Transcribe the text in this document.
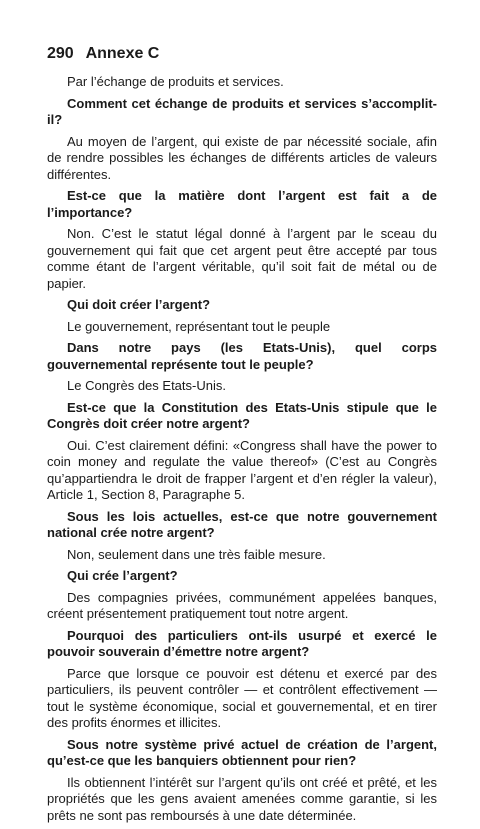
290 Annexe C

Par l’échange de produits et services.

Comment cet échange de produits et services s’accomplit-il?

Au moyen de l’argent, qui existe de par nécessité sociale, afin de rendre possibles les échanges de différents articles de valeurs différentes.

Est-ce que la matière dont l’argent est fait a de l’importance?

Non. C’est le statut légal donné à l’argent par le sceau du gouvernement qui fait que cet argent peut être accepté par tous comme étant de l’argent véritable, qu’il soit fait de métal ou de papier.

Qui doit créer l’argent?

Le gouvernement, représentant tout le peuple

Dans notre pays (les Etats-Unis), quel corps gouvernemental représente tout le peuple?

Le Congrès des Etats-Unis.

Est-ce que la Constitution des Etats-Unis stipule que le Congrès doit créer notre argent?

Oui. C’est clairement défini: «Congress shall have the power to coin money and regulate the value thereof» (C’est au Congrès qu’appartiendra le droit de frapper l’argent et d’en régler la valeur), Article 1, Section 8, Paragraphe 5.

Sous les lois actuelles, est-ce que notre gouvernement national crée notre argent?

Non, seulement dans une très faible mesure.

Qui crée l’argent?

Des compagnies privées, communément appelées banques, créent présentement pratiquement tout notre argent.

Pourquoi des particuliers ont-ils usurpé et exercé le pouvoir souverain d’émettre notre argent?

Parce que lorsque ce pouvoir est détenu et exercé par des particuliers, ils peuvent contrôler — et contrôlent effectivement — tout le système économique, social et gouvernemental, et en tirer des profits énormes et illicites.

Sous notre système privé actuel de création de l’argent, qu’est-ce que les banquiers obtiennent pour rien?

Ils obtiennent l’intérêt sur l’argent qu’ils ont créé et prêté, et les propriétés que les gens avaient amenées comme garantie, si les prêts ne sont pas remboursés à une date déterminée.
